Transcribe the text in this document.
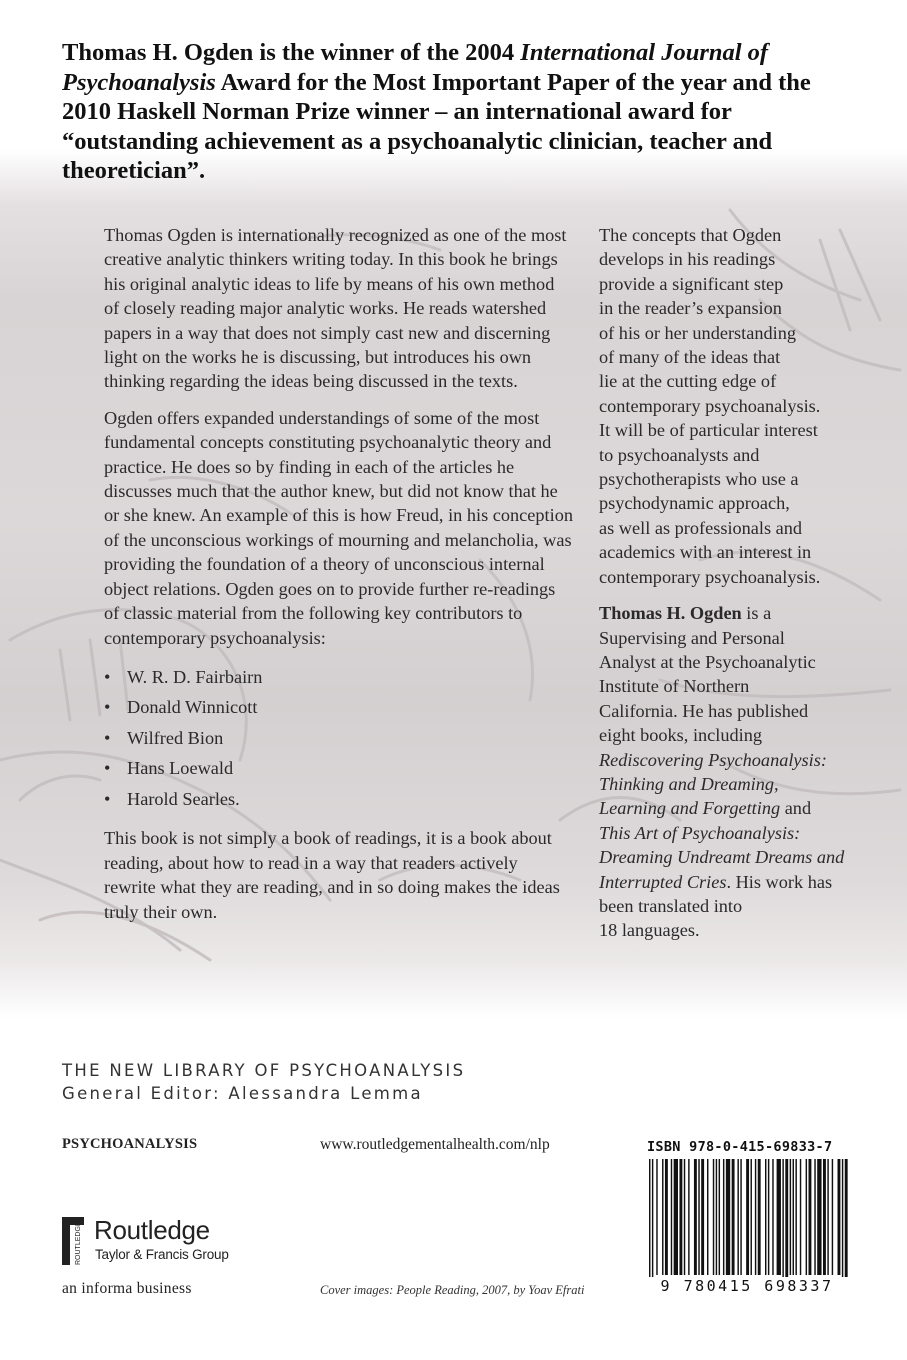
Thomas H. Ogden is the winner of the 2004 International Journal of Psychoanalysis Award for the Most Important Paper of the year and the 2010 Haskell Norman Prize winner – an international award for “outstanding achievement as a psychoanalytic clinician, teacher and theoretician”.

Thomas Ogden is internationally recognized as one of the most creative analytic thinkers writing today. In this book he brings his original analytic ideas to life by means of his own method of closely reading major analytic works. He reads watershed papers in a way that does not simply cast new and discerning light on the works he is discussing, but introduces his own thinking regarding the ideas being discussed in the texts.

Ogden offers expanded understandings of some of the most fundamental concepts constituting psychoanalytic theory and practice. He does so by finding in each of the articles he discusses much that the author knew, but did not know that he or she knew. An example of this is how Freud, in his conception of the unconscious workings of mourning and melancholia, was providing the foundation of a theory of unconscious internal object relations. Ogden goes on to provide further re-readings of classic material from the following key contributors to contemporary psychoanalysis:

• W. R. D. Fairbairn
• Donald Winnicott
• Wilfred Bion
• Hans Loewald
• Harold Searles.

This book is not simply a book of readings, it is a book about reading, about how to read in a way that readers actively rewrite what they are reading, and in so doing makes the ideas truly their own.

The concepts that Ogden
develops in his readings
provide a significant step
in the reader’s expansion
of his or her understanding
of many of the ideas that
lie at the cutting edge of
contemporary psychoanalysis.
It will be of particular interest
to psychoanalysts and
psychotherapists who use a
psychodynamic approach,
as well as professionals and
academics with an interest in
contemporary psychoanalysis.

Thomas H. Ogden is a
Supervising and Personal
Analyst at the Psychoanalytic
Institute of Northern
California. He has published
eight books, including
Rediscovering Psychoanalysis:
Thinking and Dreaming,
Learning and Forgetting and
This Art of Psychoanalysis:
Dreaming Undreamt Dreams and
Interrupted Cries. His work has
been translated into
18 languages.

THE NEW LIBRARY OF PSYCHOANALYSIS
General Editor: Alessandra Lemma
PSYCHOANALYSIS	www.routledgementalhealth.com/nlp	ISBN 978-0-415-69833-7
9 780415 698337
ROUTLEDGE Routledge
Taylor & Francis Group
an informa business	Cover images: People Reading, 2007, by Yoav Efrati
